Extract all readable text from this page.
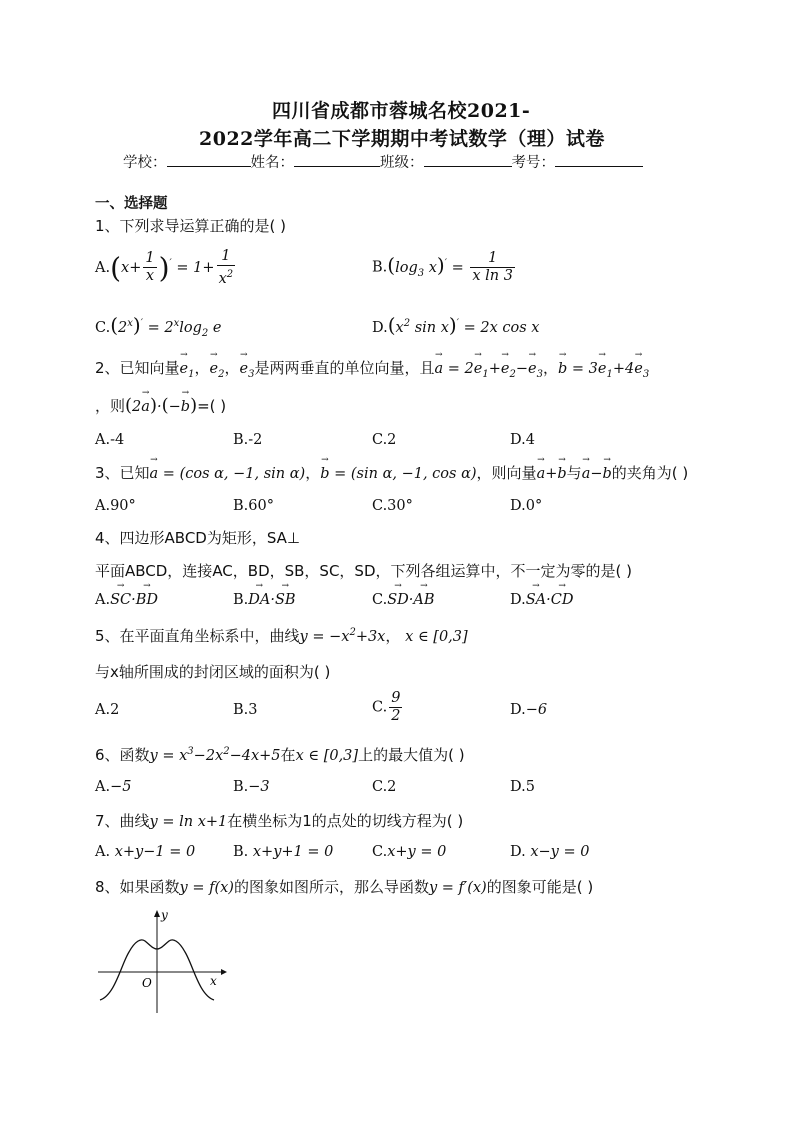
四川省成都市蓉城名校2021-
2022学年高二下学期期中考试数学（理）试卷
学校：	姓名：	班级：	考号：
一、选择题
1、下列求导运算正确的是( )
$A.(x+ \frac{1}{x} )' = 1+ \frac{1}{x^2}$	$B.(\log_3$ $x)' = \frac{1}{\text{x ln 3}}$
$C.(2^x)' = 2^x\log_2$ e	$D.(x^2$ sin x)′ = 2x cos x
2、已知向量→ $e_1$，→ $e_2$，→ $e_3$是两两垂直的单位向量，且→ $a = 2\to e_1+\to e_2-\to e_3$，→ $b = 3\to e_1+4\to e_3$
，则(2→ a)·(−→ b)=( )
A.-4	B.-2	C.2	D.4
3、已知→ a = (cos α, −1, sin α)，→ b = (sin α, −1, cos α)，则向量→ a+→ b与→ a−→ b的夹角为( )
A.90°	B.60°	C.30°	D.0°
4、四边形ABCD为矩形，SA⊥
平面ABCD，连接AC，BD，SB，SC，SD，下列各组运算中，不一定为零的是( )
A.→ SC·→ BD	B.→ DA·→ SB	C.→ SD·→ AB	D.→ SA·→ CD
5、在平面直角坐标系中，曲线$y = -x^2+3x$， x ∈ [0,3]
与x轴所围成的封闭区域的面积为( )
A.2	B.3	C. $\frac{9}{2}$	D.−6
6、函数$y = x^3-2x^2-4x+5$在x ∈ [0,3]上的最大值为( )
A.−5	B.−3	C.2	D.5
7、曲线y = ln x+1在横坐标为1的点处的切线方程为( )
A. x+y−1 = 0	B. x+y+1 = 0	C.x+y = 0	D. x−y = 0
8、如果函数y = f(x)的图象如图所示，那么导函数y = f′(x)的图象可能是( )
y
x
O
